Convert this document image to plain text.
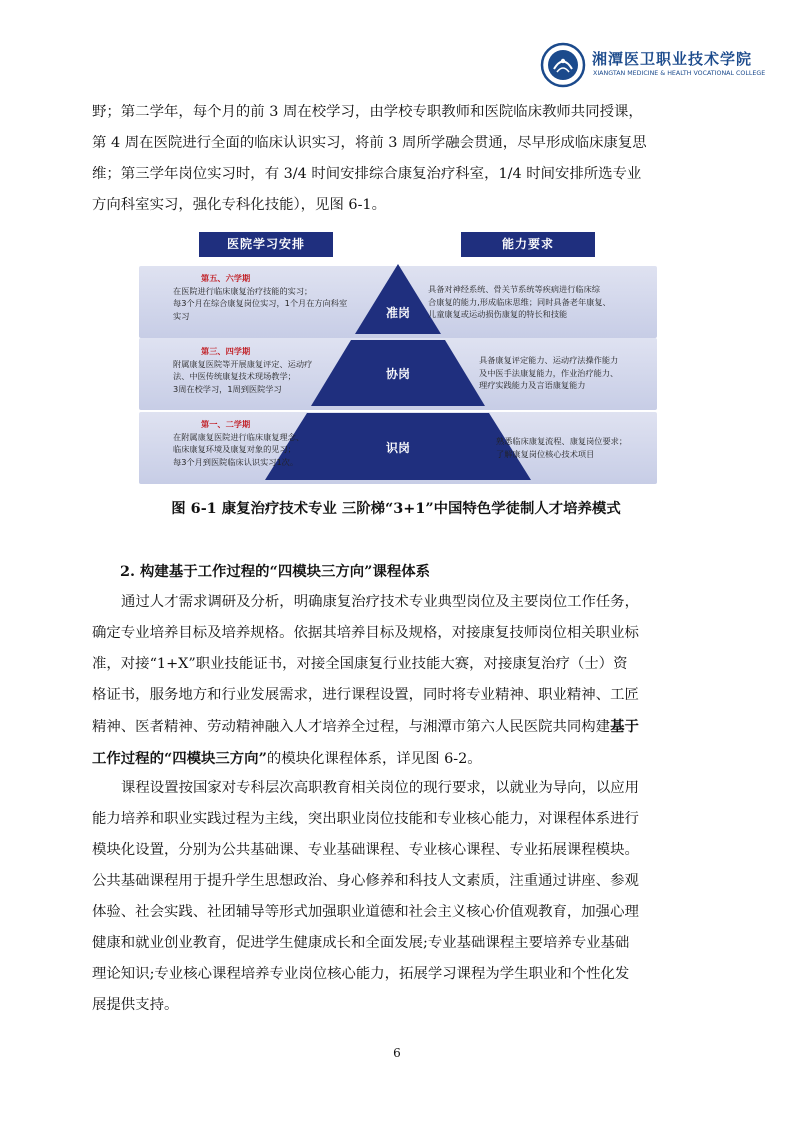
湘潭医卫职业技术学院
XIANGTAN MEDICINE & HEALTH VOCATIONAL COLLEGE
野；第二学年，每个月的前 3 周在校学习，由学校专职教师和医院临床教师共同授课，
第 4 周在医院进行全面的临床认识实习，将前 3 周所学融会贯通，尽早形成临床康复思
维；第三学年岗位实习时，有 3/4 时间安排综合康复治疗科室，1/4 时间安排所选专业
方向科室实习，强化专科化技能），见图 6-1。
医院学习安排	能力要求
准岗
协岗
识岗
第五、六学期
在医院进行临床康复治疗技能的实习；
每3个月在综合康复岗位实习，1个月在方向科室
实习
具备对神经系统、骨关节系统等疾病进行临床综
合康复的能力,形成临床思维；同时具备老年康复、
儿童康复或运动损伤康复的特长和技能
第三、四学期
附属康复医院等开展康复评定、运动疗
法、中医传统康复技术现场教学；
3周在校学习，1周到医院学习
具备康复评定能力、运动疗法操作能力
及中医手法康复能力，作业治疗能力、
理疗实践能力及言语康复能力
第一、二学期
在附属康复医院进行临床康复理念、
临床康复环境及康复对象的见习；
每3个月到医院临床认识实习1次。
熟悉临床康复流程、康复岗位要求；
了解康复岗位核心技术项目
图 6-1 康复治疗技术专业 三阶梯“3+1”中国特色学徒制人才培养模式
2. 构建基于工作过程的“四模块三方向”课程体系
通过人才需求调研及分析，明确康复治疗技术专业典型岗位及主要岗位工作任务，
确定专业培养目标及培养规格。依据其培养目标及规格，对接康复技师岗位相关职业标
准，对接“1+X”职业技能证书，对接全国康复行业技能大赛，对接康复治疗（士）资
格证书，服务地方和行业发展需求，进行课程设置，同时将专业精神、职业精神、工匠
精神、医者精神、劳动精神融入人才培养全过程，与湘潭市第六人民医院共同构建基于
工作过程的“四模块三方向”的模块化课程体系，详见图 6-2。
课程设置按国家对专科层次高职教育相关岗位的现行要求，以就业为导向，以应用
能力培养和职业实践过程为主线，突出职业岗位技能和专业核心能力，对课程体系进行
模块化设置，分别为公共基础课、专业基础课程、专业核心课程、专业拓展课程模块。
公共基础课程用于提升学生思想政治、身心修养和科技人文素质，注重通过讲座、参观
体验、社会实践、社团辅导等形式加强职业道德和社会主义核心价值观教育，加强心理
健康和就业创业教育，促进学生健康成长和全面发展;专业基础课程主要培养专业基础
理论知识;专业核心课程培养专业岗位核心能力，拓展学习课程为学生职业和个性化发
展提供支持。
6
